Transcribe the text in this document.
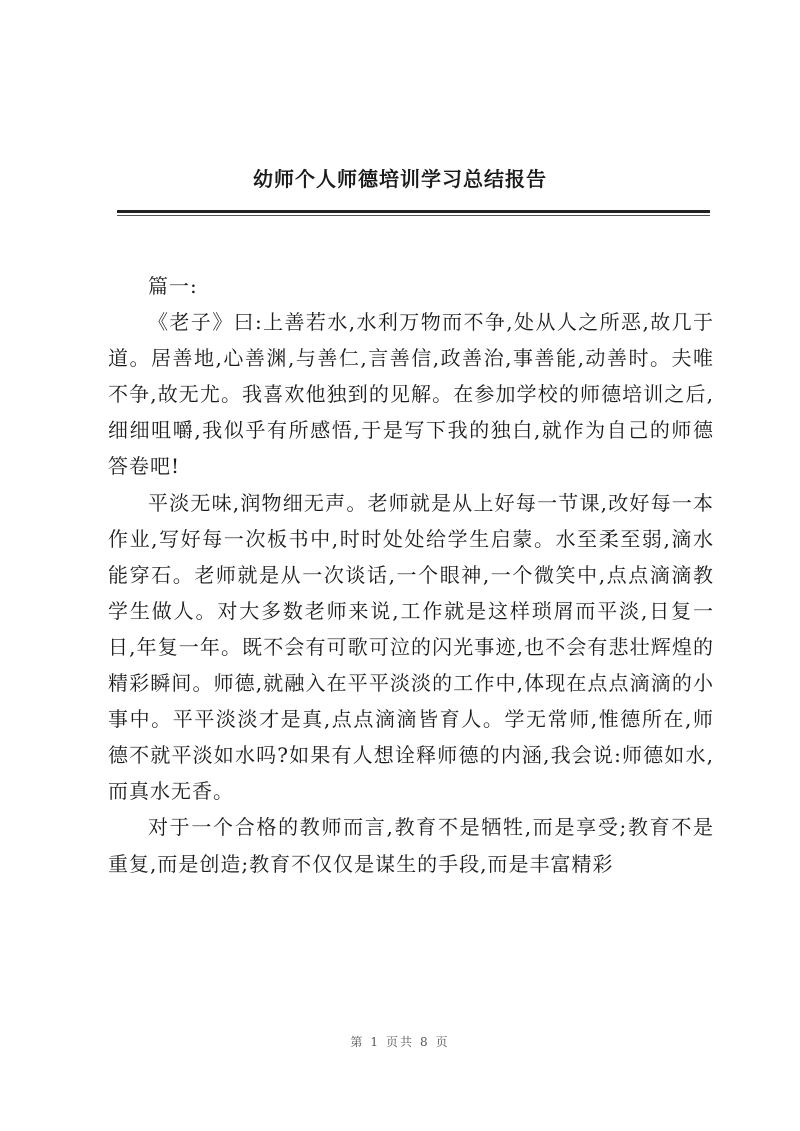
幼师个人师德培训学习总结报告

篇一:

《老子》曰:上善若水,水利万物而不争,处从人之所恶,故几于道。居善地,心善渊,与善仁,言善信,政善治,事善能,动善时。夫唯不争,故无尤。我喜欢他独到的见解。在参加学校的师德培训之后,细细咀嚼,我似乎有所感悟,于是写下我的独白,就作为自己的师德答卷吧!

平淡无味,润物细无声。老师就是从上好每一节课,改好每一本作业,写好每一次板书中,时时处处给学生启蒙。水至柔至弱,滴水能穿石。老师就是从一次谈话,一个眼神,一个微笑中,点点滴滴教学生做人。对大多数老师来说,工作就是这样琐屑而平淡,日复一日,年复一年。既不会有可歌可泣的闪光事迹,也不会有悲壮辉煌的精彩瞬间。师德,就融入在平平淡淡的工作中,体现在点点滴滴的小事中。平平淡淡才是真,点点滴滴皆育人。学无常师,惟德所在,师德不就平淡如水吗?如果有人想诠释师德的内涵,我会说:师德如水,而真水无香。

对于一个合格的教师而言,教育不是牺牲,而是享受;教育不是重复,而是创造;教育不仅仅是谋生的手段,而是丰富精彩

第 1 页共 8 页
